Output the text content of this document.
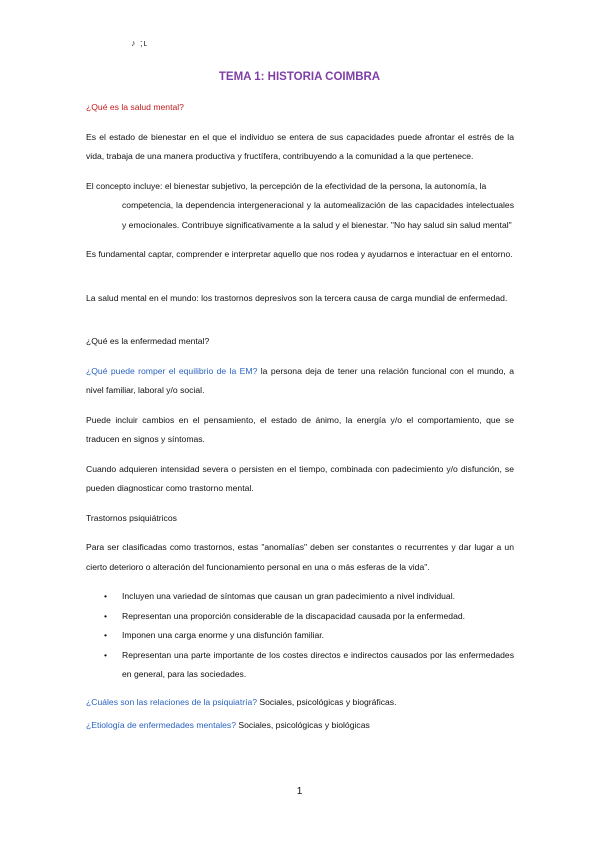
♪ ;ʟ
TEMA 1: HISTORIA COIMBRA

¿Qué es la salud mental?

Es el estado de bienestar en el que el individuo se entera de sus capacidades puede afrontar el estrés de la vida, trabaja de una manera productiva y fructífera, contribuyendo a la comunidad a la que pertenece.

El concepto incluye: el bienestar subjetivo, la percepción de la efectividad de la persona, la autonomía, la

competencia, la dependencia intergeneracional y la automealización de las capacidades intelectuales y emocionales. Contribuye significativamente a la salud y el bienestar. "No hay salud sin salud mental"

Es fundamental captar, comprender e interpretar aquello que nos rodea y ayudarnos e interactuar en el entorno.

La salud mental en el mundo: los trastornos depresivos son la tercera causa de carga mundial de enfermedad.

¿Qué es la enfermedad mental?

¿Qué puede romper el equilibrio de la EM? la persona deja de tener una relación funcional con el mundo, a nivel familiar, laboral y/o social.

Puede incluir cambios en el pensamiento, el estado de ánimo, la energía y/o el comportamiento, que se traducen en signos y síntomas.

Cuando adquieren intensidad severa o persisten en el tiempo, combinada con padecimiento y/o disfunción, se pueden diagnosticar como trastorno mental.

Trastornos psiquiátricos

Para ser clasificadas como trastornos, estas "anomalías" deben ser constantes o recurrentes y dar lugar a un cierto deterioro o alteración del funcionamiento personal en una o más esferas de la vida".

• Incluyen una variedad de síntomas que causan un gran padecimiento a nivel individual.
• Representan una proporción considerable de la discapacidad causada por la enfermedad.
• Imponen una carga enorme y una disfunción familiar.
• Representan una parte importante de los costes directos e indirectos causados por las enfermedades en general, para las sociedades.

¿Cuáles son las relaciones de la psiquiatría? Sociales, psicológicas y biográficas.

¿Etiología de enfermedades mentales? Sociales, psicológicas y biológicas

1
